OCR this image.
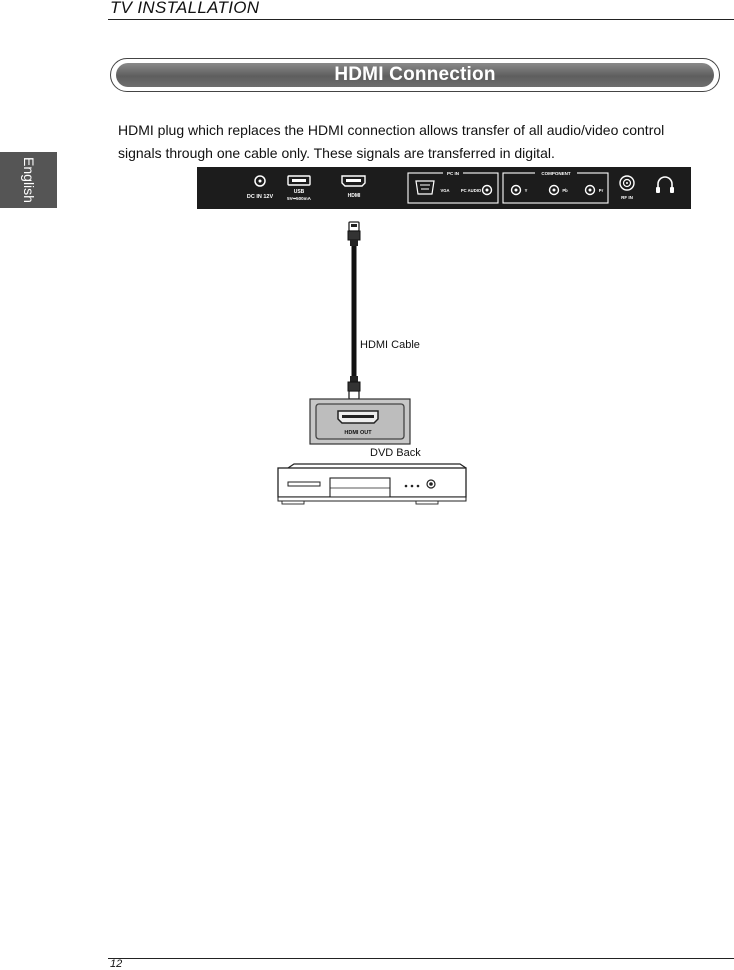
TV INSTALLATION
English
HDMI Connection
HDMI plug which replaces the HDMI connection allows transfer of all audio/video control
signals through one cable only. These signals are transferred in digital.
DC IN 12V
USB
5V⎓500mA	HDMI
PC IN
VGA	PC AUDIO
COMPONENT
Y	Pb	Pr
RF IN
HDMI OUT
HDMI Cable
DVD Back
12
